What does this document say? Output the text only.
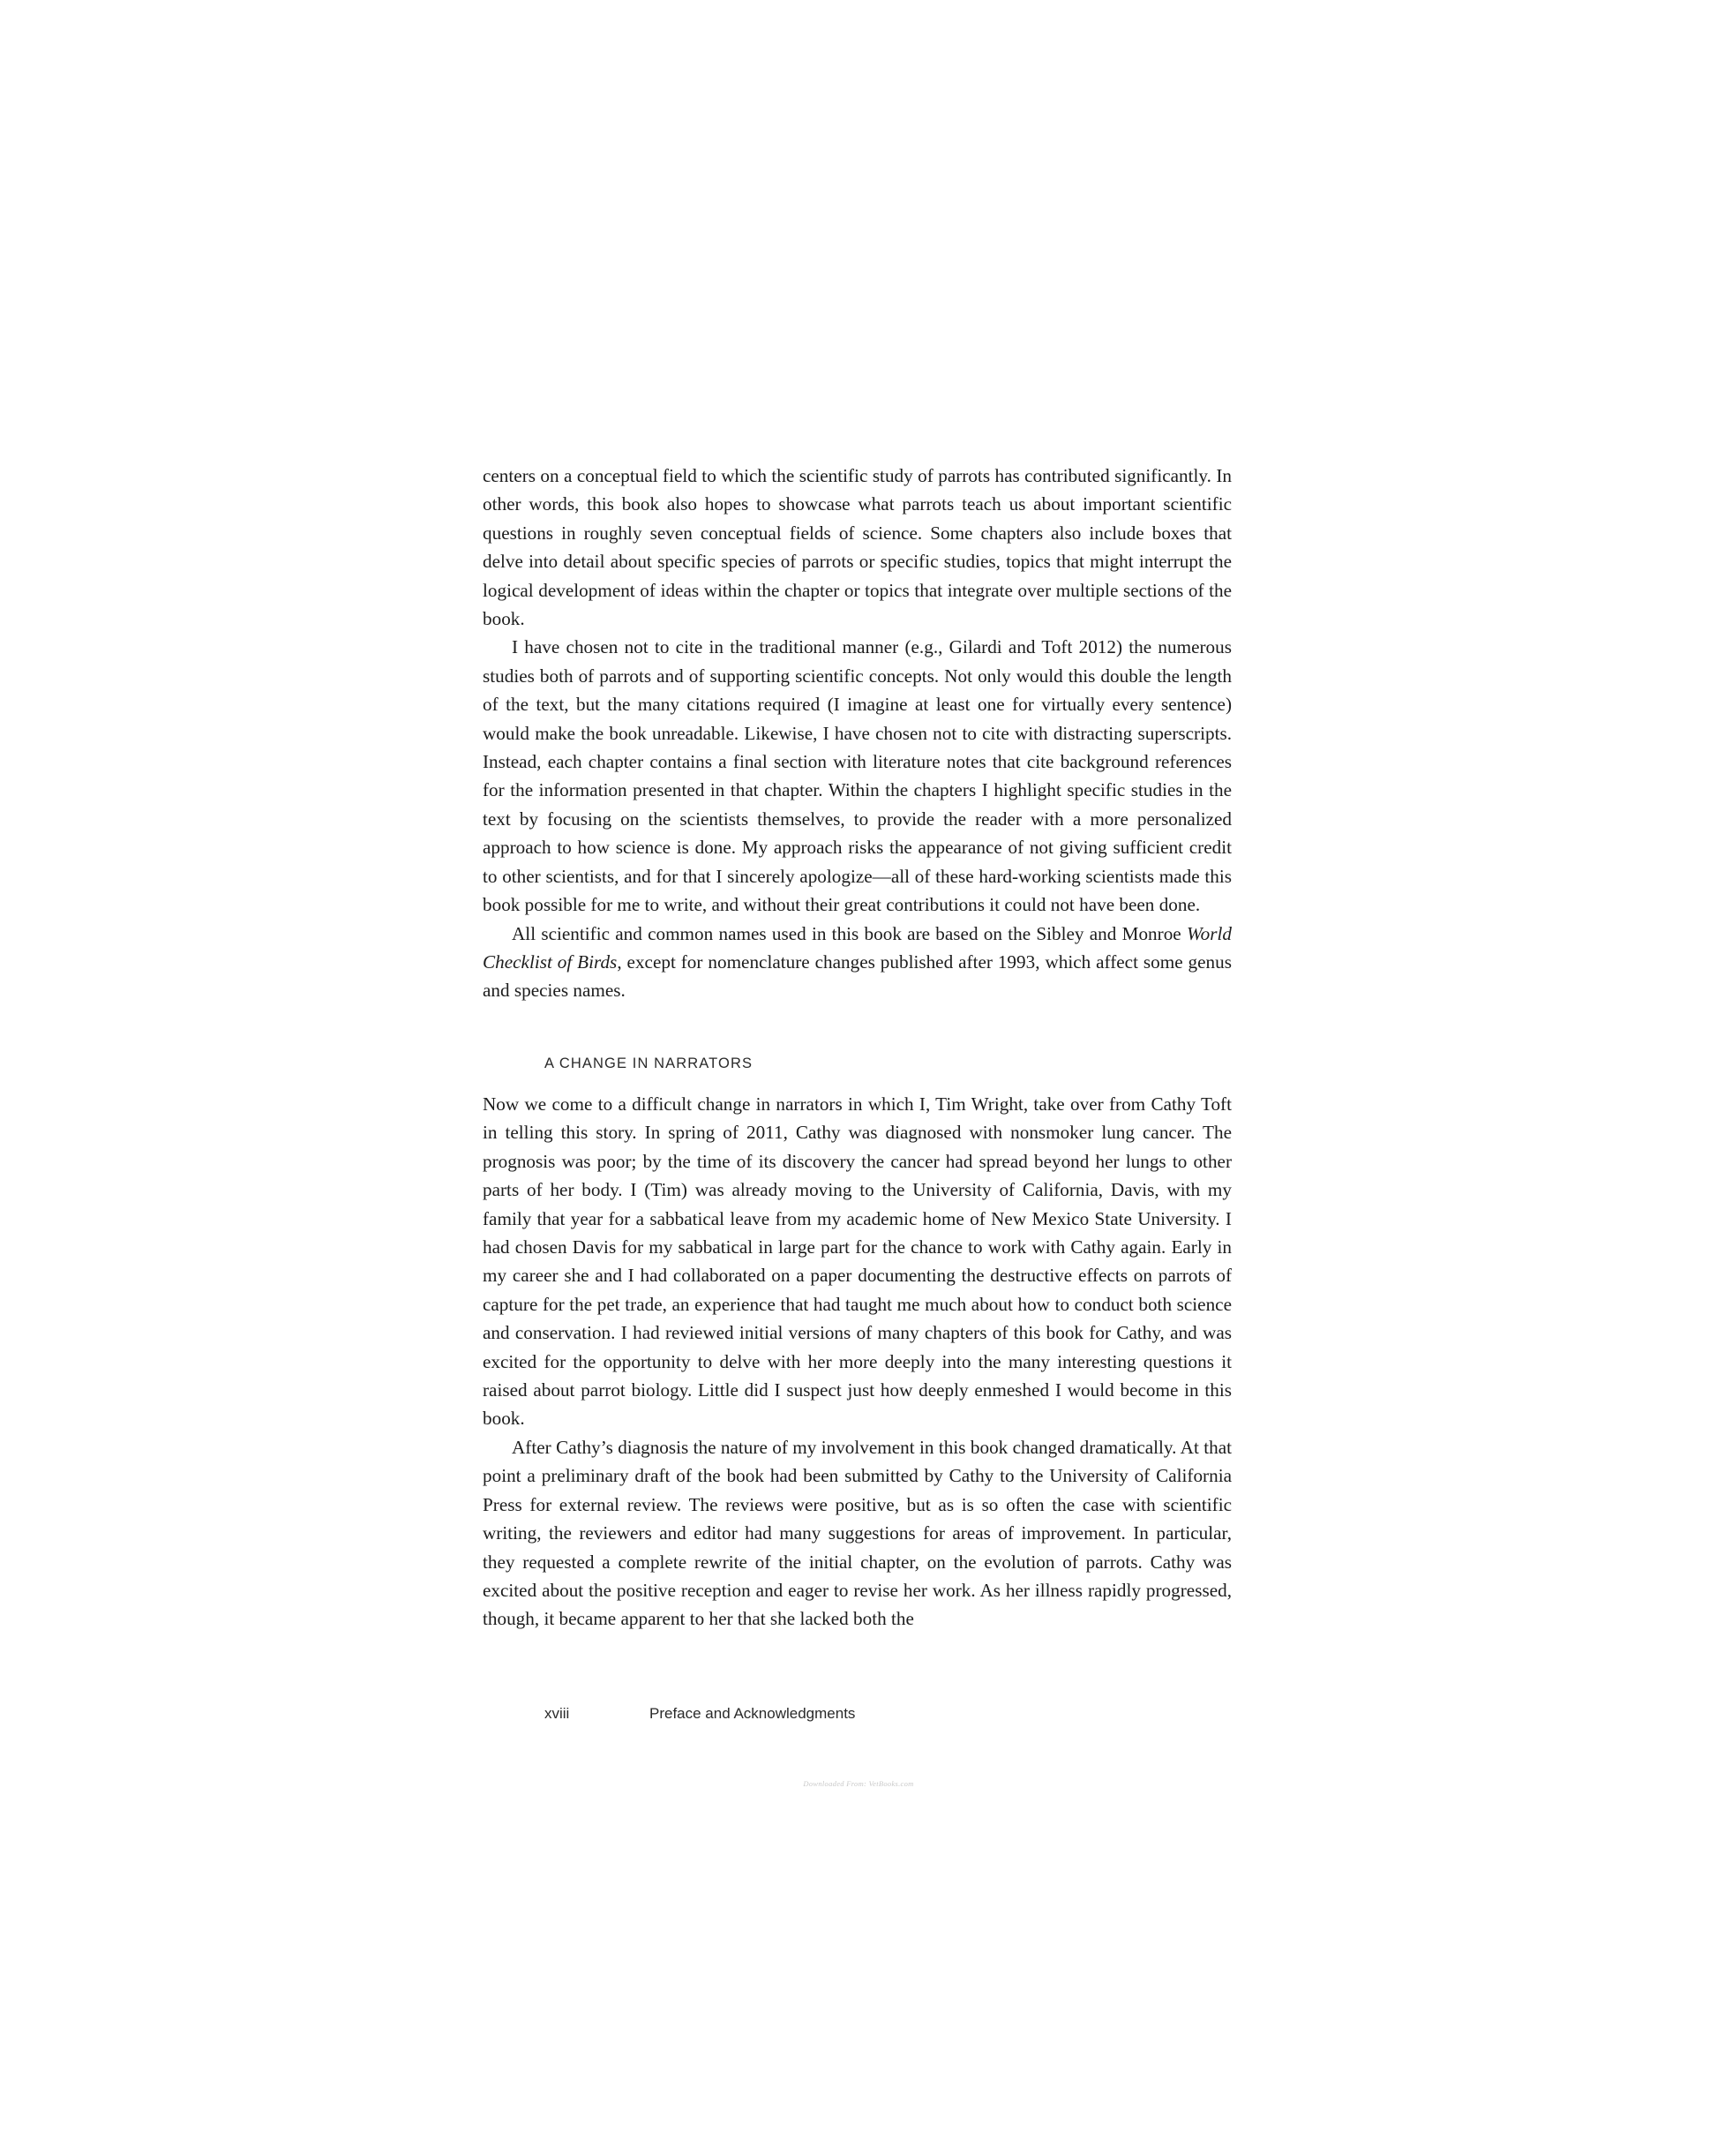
centers on a conceptual field to which the scientific study of parrots has contributed significantly. In other words, this book also hopes to showcase what parrots teach us about important scientific questions in roughly seven conceptual fields of science. Some chapters also include boxes that delve into detail about specific species of parrots or specific studies, topics that might interrupt the logical development of ideas within the chapter or topics that integrate over multiple sections of the book.

I have chosen not to cite in the traditional manner (e.g., Gilardi and Toft 2012) the numerous studies both of parrots and of supporting scientific concepts. Not only would this double the length of the text, but the many citations required (I imagine at least one for virtually every sentence) would make the book unreadable. Likewise, I have chosen not to cite with distracting superscripts. Instead, each chapter contains a final section with literature notes that cite background references for the information presented in that chapter. Within the chapters I highlight specific studies in the text by focusing on the scientists themselves, to provide the reader with a more personalized approach to how science is done. My approach risks the appearance of not giving sufficient credit to other scientists, and for that I sincerely apologize—all of these hard-working scientists made this book possible for me to write, and without their great contributions it could not have been done.

All scientific and common names used in this book are based on the Sibley and Monroe World Checklist of Birds, except for nomenclature changes published after 1993, which affect some genus and species names.

A CHANGE IN NARRATORS

Now we come to a difficult change in narrators in which I, Tim Wright, take over from Cathy Toft in telling this story. In spring of 2011, Cathy was diagnosed with nonsmoker lung cancer. The prognosis was poor; by the time of its discovery the cancer had spread beyond her lungs to other parts of her body. I (Tim) was already moving to the University of California, Davis, with my family that year for a sabbatical leave from my academic home of New Mexico State University. I had chosen Davis for my sabbatical in large part for the chance to work with Cathy again. Early in my career she and I had collaborated on a paper documenting the destructive effects on parrots of capture for the pet trade, an experience that had taught me much about how to conduct both science and conservation. I had reviewed initial versions of many chapters of this book for Cathy, and was excited for the opportunity to delve with her more deeply into the many interesting questions it raised about parrot biology. Little did I suspect just how deeply enmeshed I would become in this book.

After Cathy’s diagnosis the nature of my involvement in this book changed dramatically. At that point a preliminary draft of the book had been submitted by Cathy to the University of California Press for external review. The reviews were positive, but as is so often the case with scientific writing, the reviewers and editor had many suggestions for areas of improvement. In particular, they requested a complete rewrite of the initial chapter, on the evolution of parrots. Cathy was excited about the positive reception and eager to revise her work. As her illness rapidly progressed, though, it became apparent to her that she lacked both the

xviii	Preface and Acknowledgments
Downloaded From: VetBooks.com
